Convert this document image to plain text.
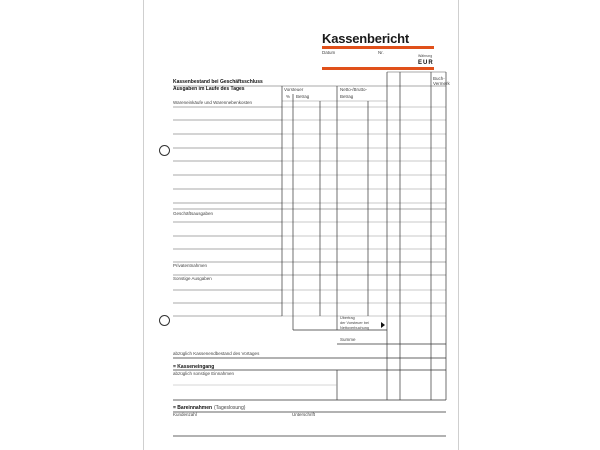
Kassenbericht
Datum	Nr.
Währung
EUR
Vorsteuer
% Betrag
Netto-/Brutto-
Betrag
Buch-
Vermerk
Kassenbestand bei Geschäftsschluss
Ausgaben im Laufe des Tages
Wareneinkäufe und Warennebenkosten
Geschäftsausgaben
Privatentnahmen
Sonstige Ausgaben
Übertrag
der Vorsteuer bei
Nettoverbuchung
Summe
abzüglich Kassenendbestand des Vortages
= Kasseneingang
abzüglich sonstige Einnahmen
= Bareinnahmen (Tageslosung)
Kundenzahl	Unterschrift
